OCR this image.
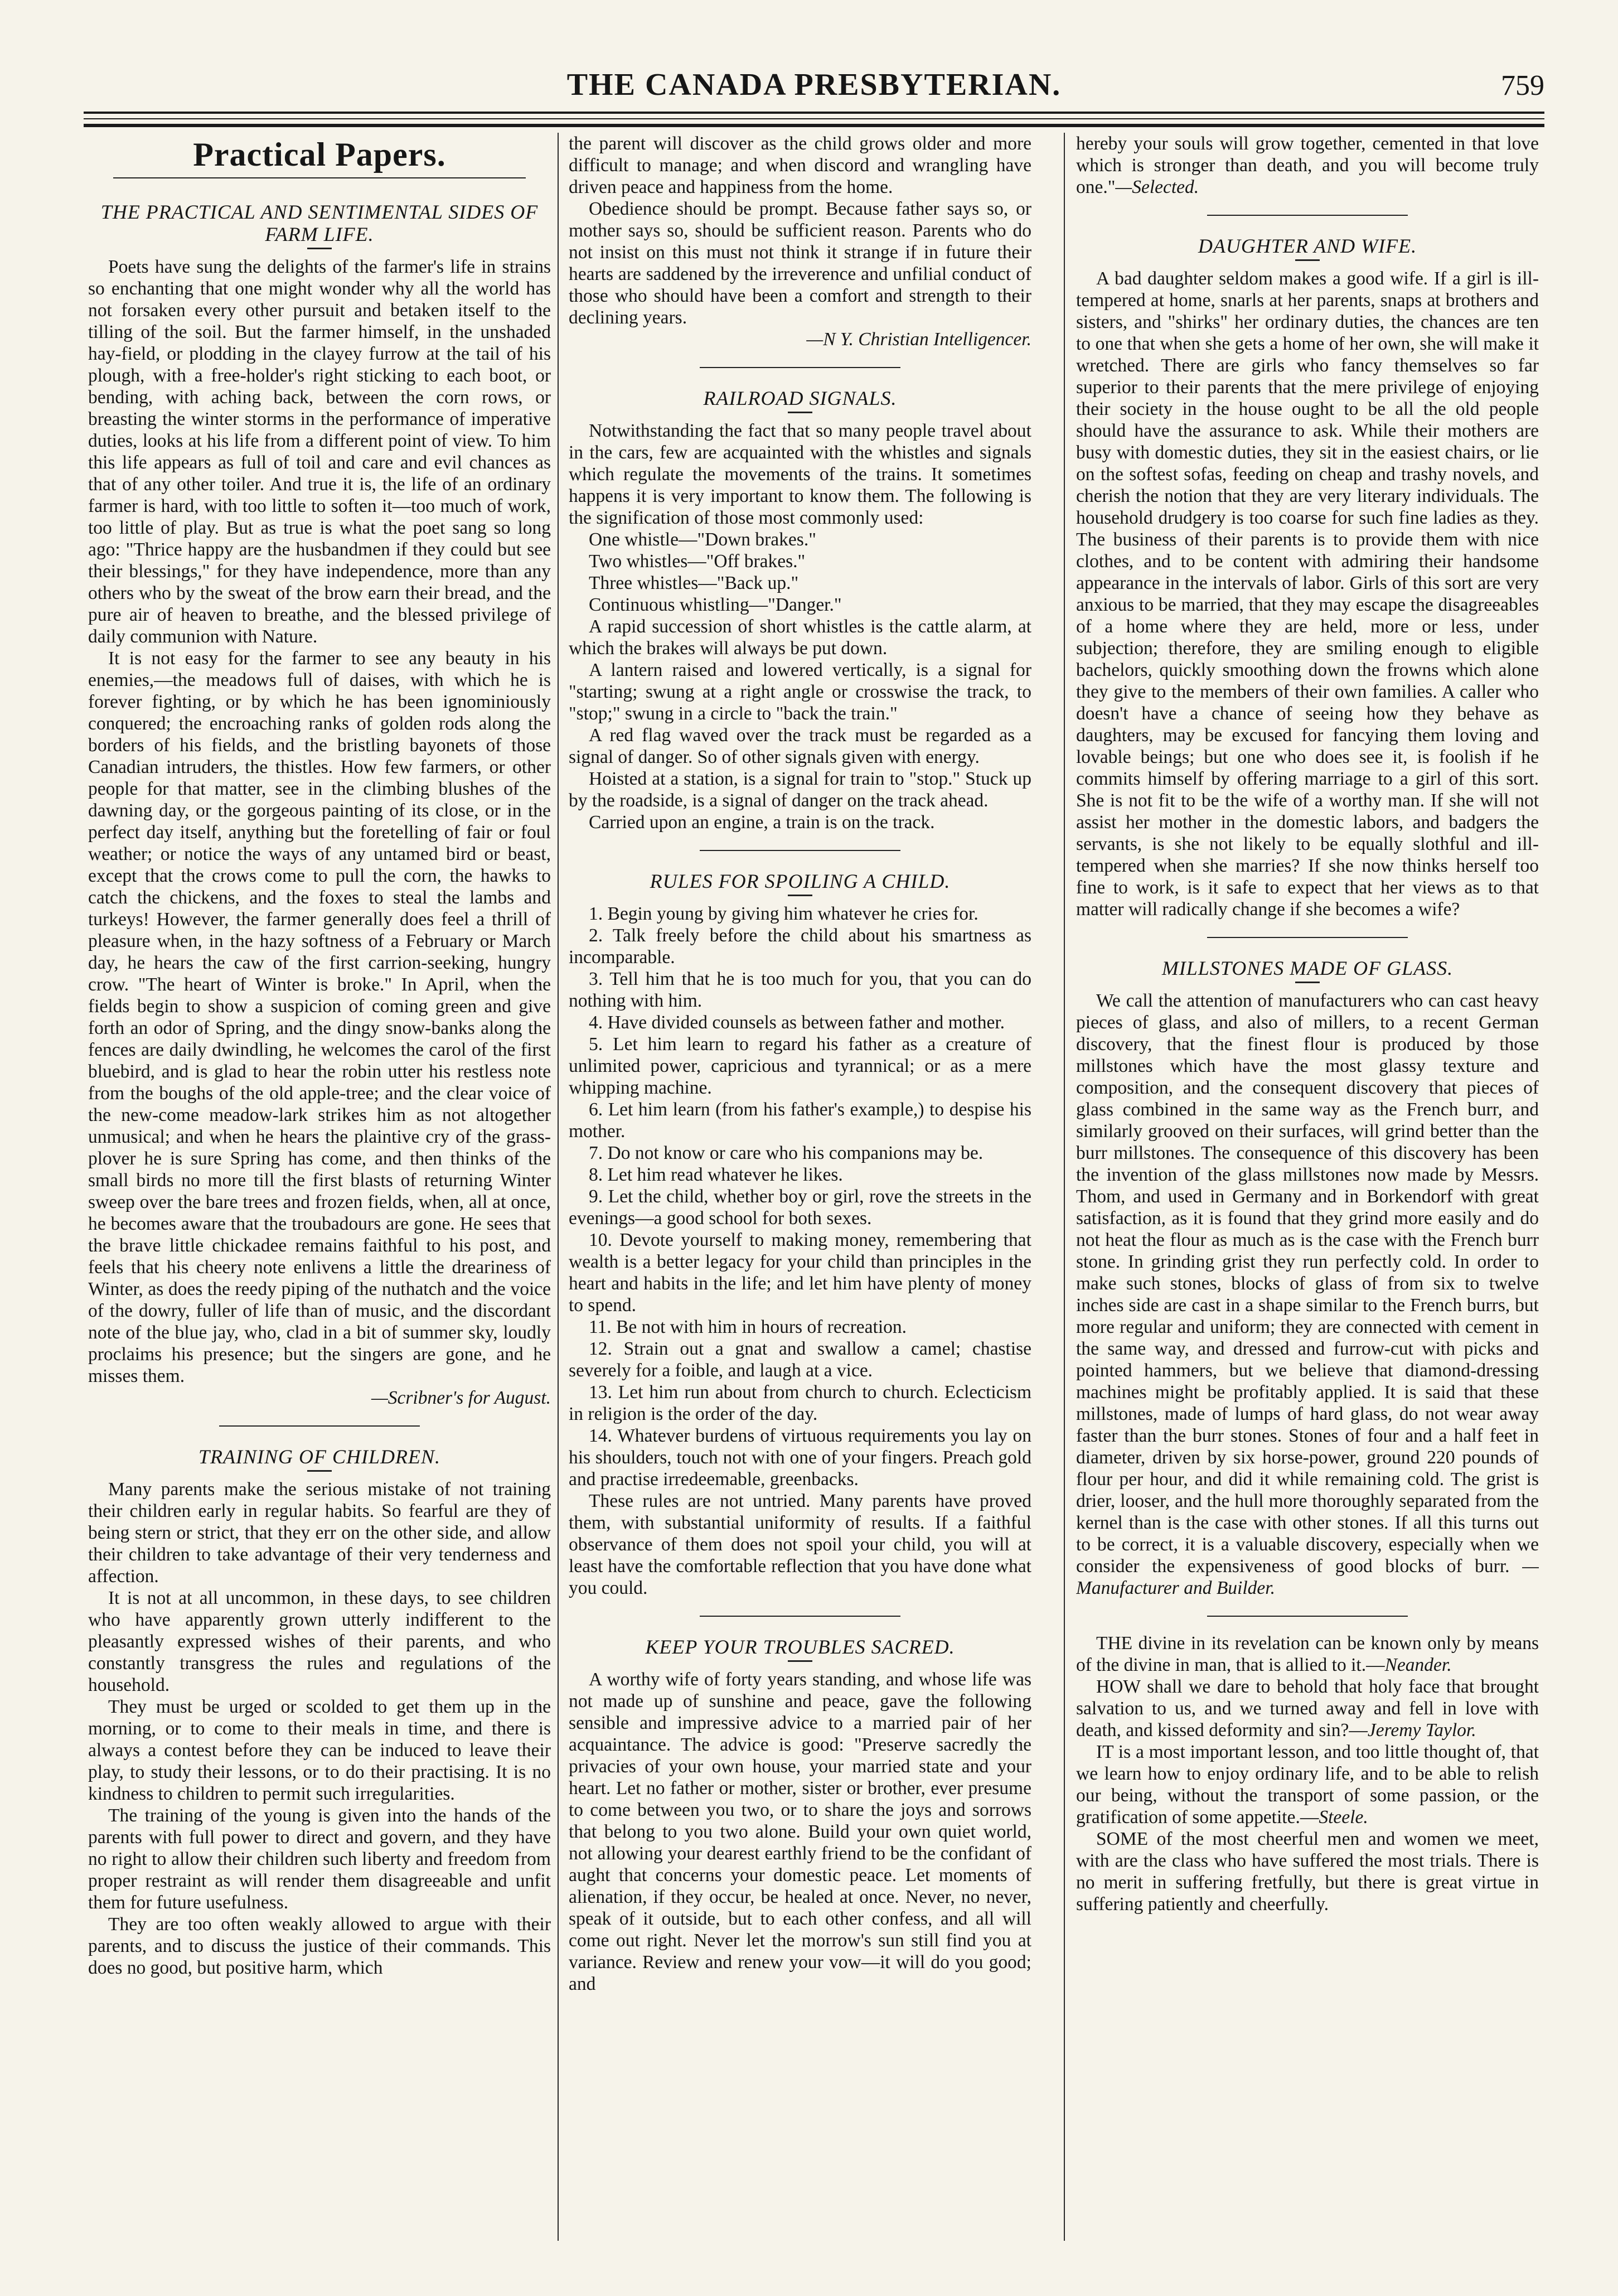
THE CANADA PRESBYTERIAN.	759
Practical Papers.
THE PRACTICAL AND SENTIMENTAL SIDES OF FARM LIFE.

Poets have sung the delights of the farmer's life in strains so enchanting that one might wonder why all the world has not forsaken every other pursuit and betaken itself to the tilling of the soil. But the farmer himself, in the unshaded hay-field, or plodding in the clayey furrow at the tail of his plough, with a free-holder's right sticking to each boot, or bending, with aching back, between the corn rows, or breasting the winter storms in the performance of imperative duties, looks at his life from a different point of view. To him this life appears as full of toil and care and evil chances as that of any other toiler. And true it is, the life of an ordinary farmer is hard, with too little to soften it—too much of work, too little of play. But as true is what the poet sang so long ago: "Thrice happy are the husbandmen if they could but see their blessings," for they have independence, more than any others who by the sweat of the brow earn their bread, and the pure air of heaven to breathe, and the blessed privilege of daily communion with Nature.

It is not easy for the farmer to see any beauty in his enemies,—the meadows full of daises, with which he is forever fighting, or by which he has been ignominiously conquered; the encroaching ranks of golden rods along the borders of his fields, and the bristling bayonets of those Canadian intruders, the thistles. How few farmers, or other people for that matter, see in the climbing blushes of the dawning day, or the gorgeous painting of its close, or in the perfect day itself, anything but the foretelling of fair or foul weather; or notice the ways of any untamed bird or beast, except that the crows come to pull the corn, the hawks to catch the chickens, and the foxes to steal the lambs and turkeys! However, the farmer generally does feel a thrill of pleasure when, in the hazy softness of a February or March day, he hears the caw of the first carrion-seeking, hungry crow. "The heart of Winter is broke." In April, when the fields begin to show a suspicion of coming green and give forth an odor of Spring, and the dingy snow-banks along the fences are daily dwindling, he welcomes the carol of the first bluebird, and is glad to hear the robin utter his restless note from the boughs of the old apple-tree; and the clear voice of the new-come meadow-lark strikes him as not altogether unmusical; and when he hears the plaintive cry of the grass-plover he is sure Spring has come, and then thinks of the small birds no more till the first blasts of returning Winter sweep over the bare trees and frozen fields, when, all at once, he becomes aware that the troubadours are gone. He sees that the brave little chickadee remains faithful to his post, and feels that his cheery note enlivens a little the dreariness of Winter, as does the reedy piping of the nuthatch and the voice of the dowry, fuller of life than of music, and the discordant note of the blue jay, who, clad in a bit of summer sky, loudly proclaims his presence; but the singers are gone, and he misses them.

—Scribner's for August.

TRAINING OF CHILDREN.

Many parents make the serious mistake of not training their children early in regular habits. So fearful are they of being stern or strict, that they err on the other side, and allow their children to take advantage of their very tenderness and affection.

It is not at all uncommon, in these days, to see children who have apparently grown utterly indifferent to the pleasantly expressed wishes of their parents, and who constantly transgress the rules and regulations of the household.

They must be urged or scolded to get them up in the morning, or to come to their meals in time, and there is always a contest before they can be induced to leave their play, to study their lessons, or to do their practising. It is no kindness to children to permit such irregularities.

The training of the young is given into the hands of the parents with full power to direct and govern, and they have no right to allow their children such liberty and freedom from proper restraint as will render them disagreeable and unfit them for future usefulness.

They are too often weakly allowed to argue with their parents, and to discuss the justice of their commands. This does no good, but positive harm, which

the parent will discover as the child grows older and more difficult to manage; and when discord and wrangling have driven peace and happiness from the home.

Obedience should be prompt. Because father says so, or mother says so, should be sufficient reason. Parents who do not insist on this must not think it strange if in future their hearts are saddened by the irreverence and unfilial conduct of those who should have been a comfort and strength to their declining years.

—N Y. Christian Intelligencer.

RAILROAD SIGNALS.

Notwithstanding the fact that so many people travel about in the cars, few are acquainted with the whistles and signals which regulate the movements of the trains. It sometimes happens it is very important to know them. The following is the signification of those most commonly used:

One whistle—"Down brakes."

Two whistles—"Off brakes."

Three whistles—"Back up."

Continuous whistling—"Danger."

A rapid succession of short whistles is the cattle alarm, at which the brakes will always be put down.

A lantern raised and lowered vertically, is a signal for "starting; swung at a right angle or crosswise the track, to "stop;" swung in a circle to "back the train."

A red flag waved over the track must be regarded as a signal of danger. So of other signals given with energy.

Hoisted at a station, is a signal for train to "stop." Stuck up by the roadside, is a signal of danger on the track ahead.

Carried upon an engine, a train is on the track.

RULES FOR SPOILING A CHILD.

1. Begin young by giving him whatever he cries for.

2. Talk freely before the child about his smartness as incomparable.

3. Tell him that he is too much for you, that you can do nothing with him.

4. Have divided counsels as between father and mother.

5. Let him learn to regard his father as a creature of unlimited power, capricious and tyrannical; or as a mere whipping machine.

6. Let him learn (from his father's example,) to despise his mother.

7. Do not know or care who his companions may be.

8. Let him read whatever he likes.

9. Let the child, whether boy or girl, rove the streets in the evenings—a good school for both sexes.

10. Devote yourself to making money, remembering that wealth is a better legacy for your child than principles in the heart and habits in the life; and let him have plenty of money to spend.

11. Be not with him in hours of recreation.

12. Strain out a gnat and swallow a camel; chastise severely for a foible, and laugh at a vice.

13. Let him run about from church to church. Eclecticism in religion is the order of the day.

14. Whatever burdens of virtuous requirements you lay on his shoulders, touch not with one of your fingers. Preach gold and practise irredeemable, greenbacks.

These rules are not untried. Many parents have proved them, with substantial uniformity of results. If a faithful observance of them does not spoil your child, you will at least have the comfortable reflection that you have done what you could.

KEEP YOUR TROUBLES SACRED.

A worthy wife of forty years standing, and whose life was not made up of sunshine and peace, gave the following sensible and impressive advice to a married pair of her acquaintance. The advice is good: "Preserve sacredly the privacies of your own house, your married state and your heart. Let no father or mother, sister or brother, ever presume to come between you two, or to share the joys and sorrows that belong to you two alone. Build your own quiet world, not allowing your dearest earthly friend to be the confidant of aught that concerns your domestic peace. Let moments of alienation, if they occur, be healed at once. Never, no never, speak of it outside, but to each other confess, and all will come out right. Never let the morrow's sun still find you at variance. Review and renew your vow—it will do you good; and

hereby your souls will grow together, cemented in that love which is stronger than death, and you will become truly one."—Selected.

DAUGHTER AND WIFE.

A bad daughter seldom makes a good wife. If a girl is ill-tempered at home, snarls at her parents, snaps at brothers and sisters, and "shirks" her ordinary duties, the chances are ten to one that when she gets a home of her own, she will make it wretched. There are girls who fancy themselves so far superior to their parents that the mere privilege of enjoying their society in the house ought to be all the old people should have the assurance to ask. While their mothers are busy with domestic duties, they sit in the easiest chairs, or lie on the softest sofas, feeding on cheap and trashy novels, and cherish the notion that they are very literary individuals. The household drudgery is too coarse for such fine ladies as they. The business of their parents is to provide them with nice clothes, and to be content with admiring their handsome appearance in the intervals of labor. Girls of this sort are very anxious to be married, that they may escape the disagreeables of a home where they are held, more or less, under subjection; therefore, they are smiling enough to eligible bachelors, quickly smoothing down the frowns which alone they give to the members of their own families. A caller who doesn't have a chance of seeing how they behave as daughters, may be excused for fancying them loving and lovable beings; but one who does see it, is foolish if he commits himself by offering marriage to a girl of this sort. She is not fit to be the wife of a worthy man. If she will not assist her mother in the domestic labors, and badgers the servants, is she not likely to be equally slothful and ill-tempered when she marries? If she now thinks herself too fine to work, is it safe to expect that her views as to that matter will radically change if she becomes a wife?

MILLSTONES MADE OF GLASS.

We call the attention of manufacturers who can cast heavy pieces of glass, and also of millers, to a recent German discovery, that the finest flour is produced by those millstones which have the most glassy texture and composition, and the consequent discovery that pieces of glass combined in the same way as the French burr, and similarly grooved on their surfaces, will grind better than the burr millstones. The consequence of this discovery has been the invention of the glass millstones now made by Messrs. Thom, and used in Germany and in Borkendorf with great satisfaction, as it is found that they grind more easily and do not heat the flour as much as is the case with the French burr stone. In grinding grist they run perfectly cold. In order to make such stones, blocks of glass of from six to twelve inches side are cast in a shape similar to the French burrs, but more regular and uniform; they are connected with cement in the same way, and dressed and furrow-cut with picks and pointed hammers, but we believe that diamond-dressing machines might be profitably applied. It is said that these millstones, made of lumps of hard glass, do not wear away faster than the burr stones. Stones of four and a half feet in diameter, driven by six horse-power, ground 220 pounds of flour per hour, and did it while remaining cold. The grist is drier, looser, and the hull more thoroughly separated from the kernel than is the case with other stones. If all this turns out to be correct, it is a valuable discovery, especially when we consider the expensiveness of good blocks of burr. —Manufacturer and Builder.

THE divine in its revelation can be known only by means of the divine in man, that is allied to it.—Neander.

HOW shall we dare to behold that holy face that brought salvation to us, and we turned away and fell in love with death, and kissed deformity and sin?—Jeremy Taylor.

IT is a most important lesson, and too little thought of, that we learn how to enjoy ordinary life, and to be able to relish our being, without the transport of some passion, or the gratification of some appetite.—Steele.

SOME of the most cheerful men and women we meet, with are the class who have suffered the most trials. There is no merit in suffering fretfully, but there is great virtue in suffering patiently and cheerfully.
